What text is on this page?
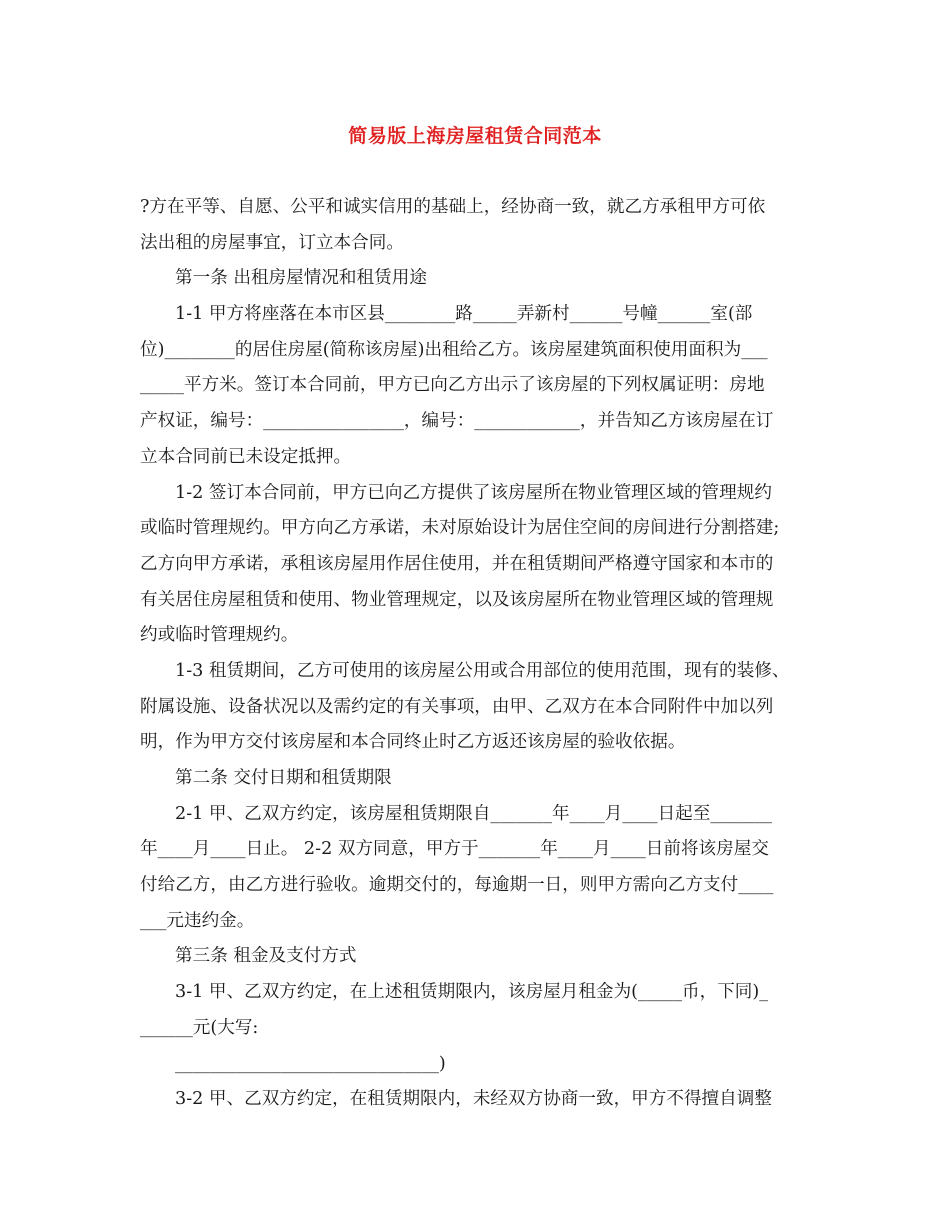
简易版上海房屋租赁合同范本
?方在平等、自愿、公平和诚实信用的基础上，经协商一致，就乙方承租甲方可依
法出租的房屋事宜，订立本合同。
第一条 出租房屋情况和租赁用途
1-1 甲方将座落在本市区县________路_____弄新村______号幢______室(部
位)________的居住房屋(简称该房屋)出租给乙方。该房屋建筑面积使用面积为___
_____平方米。签订本合同前，甲方已向乙方出示了该房屋的下列权属证明：房地
产权证，编号：________________，编号：____________，并告知乙方该房屋在订
立本合同前已未设定抵押。
1-2 签订本合同前，甲方已向乙方提供了该房屋所在物业管理区域的管理规约
或临时管理规约。甲方向乙方承诺，未对原始设计为居住空间的房间进行分割搭建;
乙方向甲方承诺，承租该房屋用作居住使用，并在租赁期间严格遵守国家和本市的
有关居住房屋租赁和使用、物业管理规定，以及该房屋所在物业管理区域的管理规
约或临时管理规约。
1-3 租赁期间，乙方可使用的该房屋公用或合用部位的使用范围，现有的装修、
附属设施、设备状况以及需约定的有关事项，由甲、乙双方在本合同附件中加以列
明，作为甲方交付该房屋和本合同终止时乙方返还该房屋的验收依据。
第二条 交付日期和租赁期限
2-1 甲、乙双方约定，该房屋租赁期限自_______年____月____日起至_______
年____月____日止。 2-2 双方同意，甲方于_______年____月____日前将该房屋交
付给乙方，由乙方进行验收。逾期交付的，每逾期一日，则甲方需向乙方支付____
___元违约金。
第三条 租金及支付方式
3-1 甲、乙双方约定，在上述租赁期限内，该房屋月租金为(_____币，下同)_
______元(大写:
______________________________)
3-2 甲、乙双方约定，在租赁期限内，未经双方协商一致，甲方不得擅自调整
